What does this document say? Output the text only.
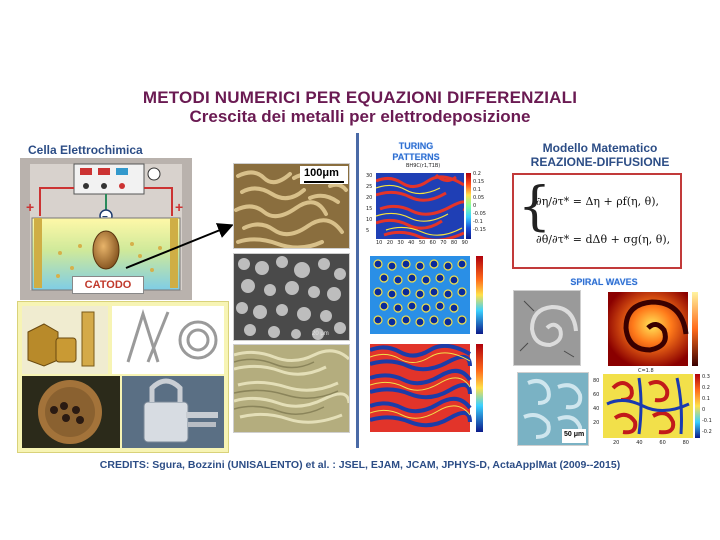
METODI NUMERICI PER EQUAZIONI DIFFERENZIALI
Crescita dei metalli per elettrodeposizione
Cella Elettrochimica
+	+
CATODO
100μm
20 μm
TURING
PATTERNS
BH9C(r1,T1B)
0.2
0.15
0.1
0.05
0
-0.05
-0.1
-0.15
30
25
20
15
10
5
10 20 30 40 50 60 70 80 90
Modello Matematico
REAZIONE-DIFFUSIONE
{
∂η/∂τ* = Δη + ρf(η, θ),
∂θ/∂τ* = dΔθ + σg(η, θ),
SPIRAL WAVES
C=1.8
50 μm
80
60
40
20
0.3
0.2
0.1
0
-0.1
-0.2
20	40	60	80
CREDITS: Sgura, Bozzini (UNISALENTO) et al. : JSEL, EJAM, JCAM, JPHYS-D, ActaApplMat (2009--2015)
